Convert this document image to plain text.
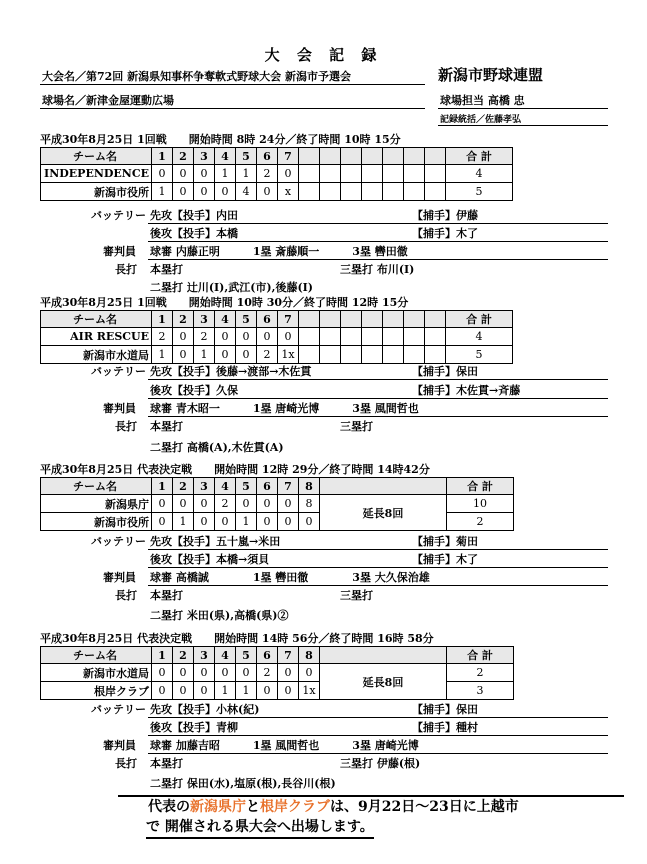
大 会 記 録
大会名／第72回 新潟県知事杯争奪軟式野球大会 新潟市予選会	新潟市野球連盟
球場名／新津金屋運動広場	球場担当 高橋 忠
記録統括／佐藤孝弘
平成30年8月25日 1回戦　　開始時間 8時 24分／終了時間 10時 15分
チーム名	1	2	3	4	5	6	7								合 計
INDEPENDENCE	0	0	0	1	1	2	0								4
新潟市役所	1	0	0	0	4	0	x								5
バッテリー 先攻【投手】内田	【捕手】伊藤
後攻【投手】本橋	【捕手】木了
審判員 球審 内藤正明　　　1塁 斎藤順一　　　3塁 轡田徹
長打 本塁打	三塁打 布川(I)
二塁打 辻川(I),武江(市),後藤(I)
平成30年8月25日 1回戦　　開始時間 10時 30分／終了時間 12時 15分
チーム名	1	2	3	4	5	6	7								合 計
AIR RESCUE	2	0	2	0	0	0	0								4
新潟市水道局	1	0	1	0	0	2	1x								5
バッテリー 先攻【投手】後藤→渡部→木佐貫	【捕手】保田
後攻【投手】久保	【捕手】木佐貫→斉藤
審判員 球審 青木昭一　　　1塁 唐崎光博　　　3塁 風間哲也
長打 本塁打	三塁打
二塁打 高橋(A),木佐貫(A)
平成30年8月25日 代表決定戦　　開始時間 12時 29分／終了時間 14時42分
チーム名	1	2	3	4	5	6	7	8		合 計
新潟県庁	0	0	0	2	0	0	0	8	延長8回	10
新潟市役所	0	1	0	0	1	0	0	0		2
バッテリー 先攻【投手】五十嵐→米田	【捕手】菊田
後攻【投手】本橋→須貝	【捕手】木了
審判員 球審 高橋誠　　　　1塁 轡田徹　　　　3塁 大久保治雄
長打 本塁打	三塁打
二塁打 米田(県),高橋(県)②
平成30年8月25日 代表決定戦　　開始時間 14時 56分／終了時間 16時 58分
チーム名	1	2	3	4	5	6	7	8		合 計
新潟市水道局	0	0	0	0	0	2	0	0	延長8回	2
根岸クラブ	0	0	0	1	1	0	0	1x		3
バッテリー 先攻【投手】小林(紀)	【捕手】保田
後攻【投手】青柳	【捕手】種村
審判員 球審 加藤吉昭　　　1塁 風間哲也　　　3塁 唐崎光博
長打 本塁打	三塁打 伊藤(根)
二塁打 保田(水),塩原(根),長谷川(根)
代表の新潟県庁と根岸クラブは、9月22日～23日に上越市
で 開催される県大会へ出場します。
